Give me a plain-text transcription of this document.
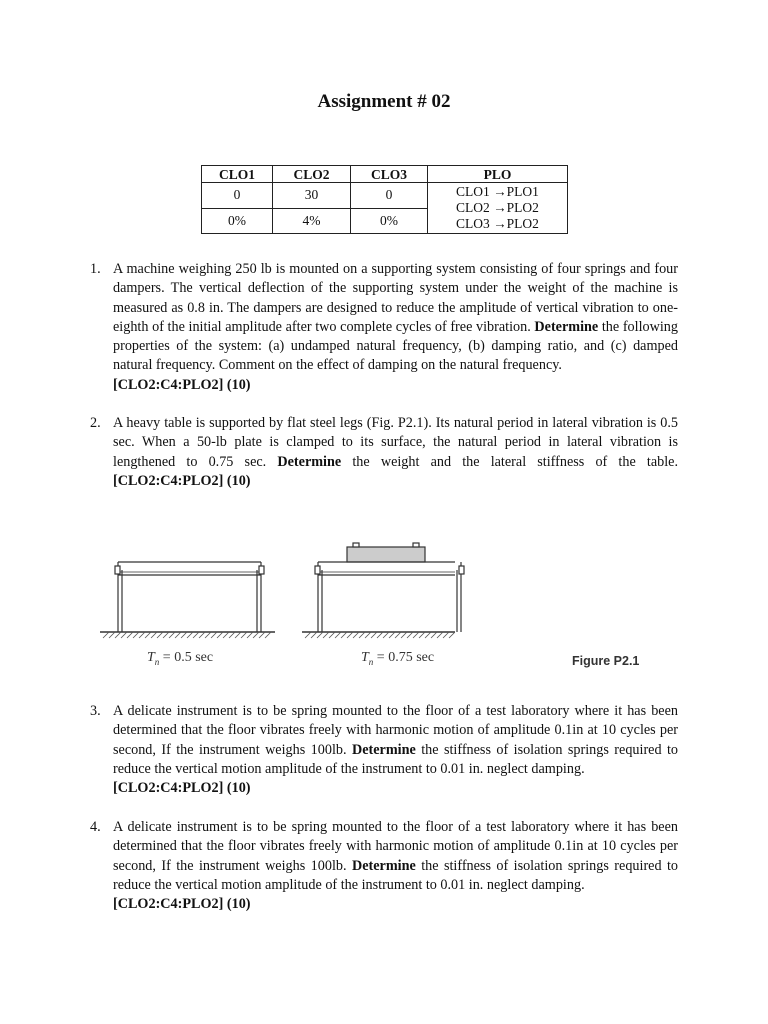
Assignment # 02
CLO1	CLO2	CLO3	PLO
0	30	0	CLO1 →PLO1
CLO2 →PLO2
CLO3 →PLO2

0%	4%	0%	
1. A machine weighing 250 lb is mounted on a supporting system consisting of four springs and four dampers. The vertical deflection of the supporting system under the weight of the machine is measured as 0.8 in. The dampers are designed to reduce the amplitude of vertical vibration to one-eighth of the initial amplitude after two complete cycles of free vibration. Determine the following properties of the system: (a) undamped natural frequency, (b) damping ratio, and (c) damped natural frequency. Comment on the effect of damping on the natural frequency.
[CLO2:C4:PLO2] (10)
2. A heavy table is supported by flat steel legs (Fig. P2.1). Its natural period in lateral vibration is 0.5 sec. When a 50-lb plate is clamped to its surface, the natural period in lateral vibration is lengthened to 0.75 sec. Determine the weight and the lateral stiffness of the table. [CLO2:C4:PLO2] (10)
$T_n = 0.5$ sec	$T_n = 0.75$ sec	Figure P2.1
3. A delicate instrument is to be spring mounted to the floor of a test laboratory where it has been determined that the floor vibrates freely with harmonic motion of amplitude 0.1in at 10 cycles per second, If the instrument weighs 100lb. Determine the stiffness of isolation springs required to reduce the vertical motion amplitude of the instrument to 0.01 in. neglect damping.
[CLO2:C4:PLO2] (10)
4. A delicate instrument is to be spring mounted to the floor of a test laboratory where it has been determined that the floor vibrates freely with harmonic motion of amplitude 0.1in at 10 cycles per second, If the instrument weighs 100lb. Determine the stiffness of isolation springs required to reduce the vertical motion amplitude of the instrument to 0.01 in. neglect damping.
[CLO2:C4:PLO2] (10)
